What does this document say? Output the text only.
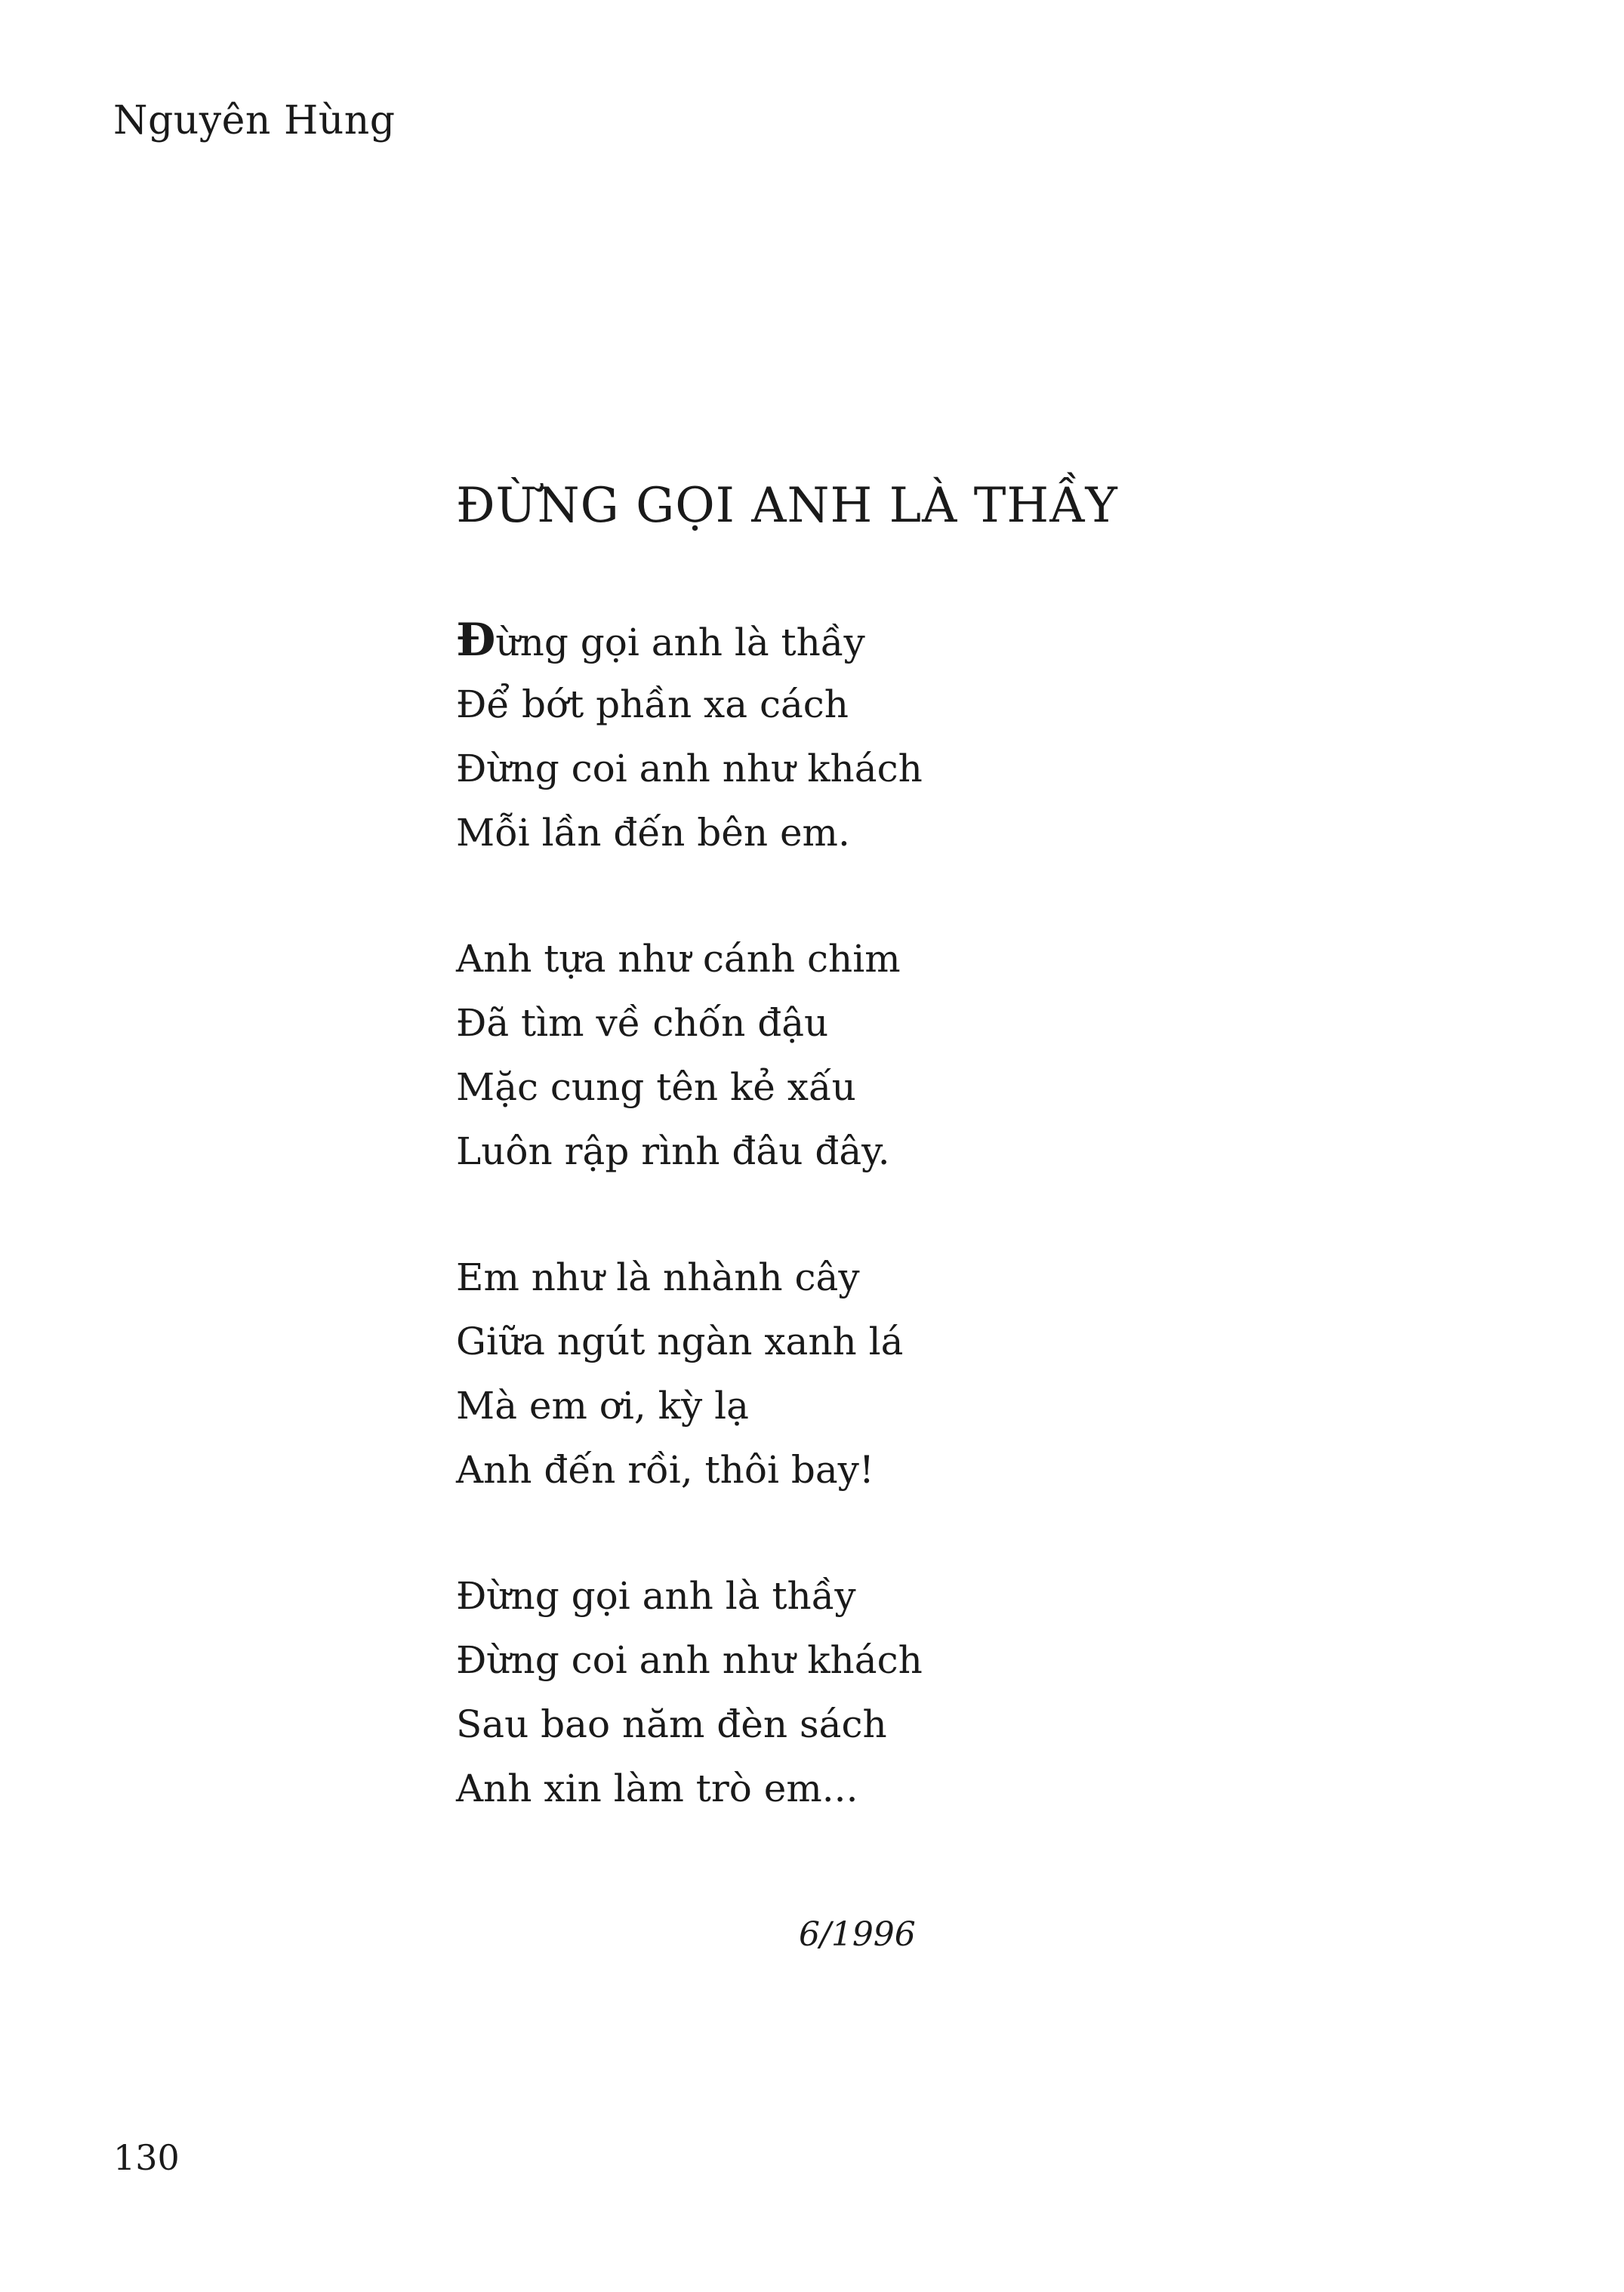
Nguyên Hùng
ĐỪNG GỌI ANH LÀ THẦY
Đừng gọi anh là thầy
Để bớt phần xa cách
Đừng coi anh như khách
Mỗi lần đến bên em.
Anh tựa như cánh chim
Đã tìm về chốn đậu
Mặc cung tên kẻ xấu
Luôn rập rình đâu đây.
Em như là nhành cây
Giữa ngút ngàn xanh lá
Mà em ơi, kỳ lạ
Anh đến rồi, thôi bay!
Đừng gọi anh là thầy
Đừng coi anh như khách
Sau bao năm đèn sách
Anh xin làm trò em...
6/1996
130
